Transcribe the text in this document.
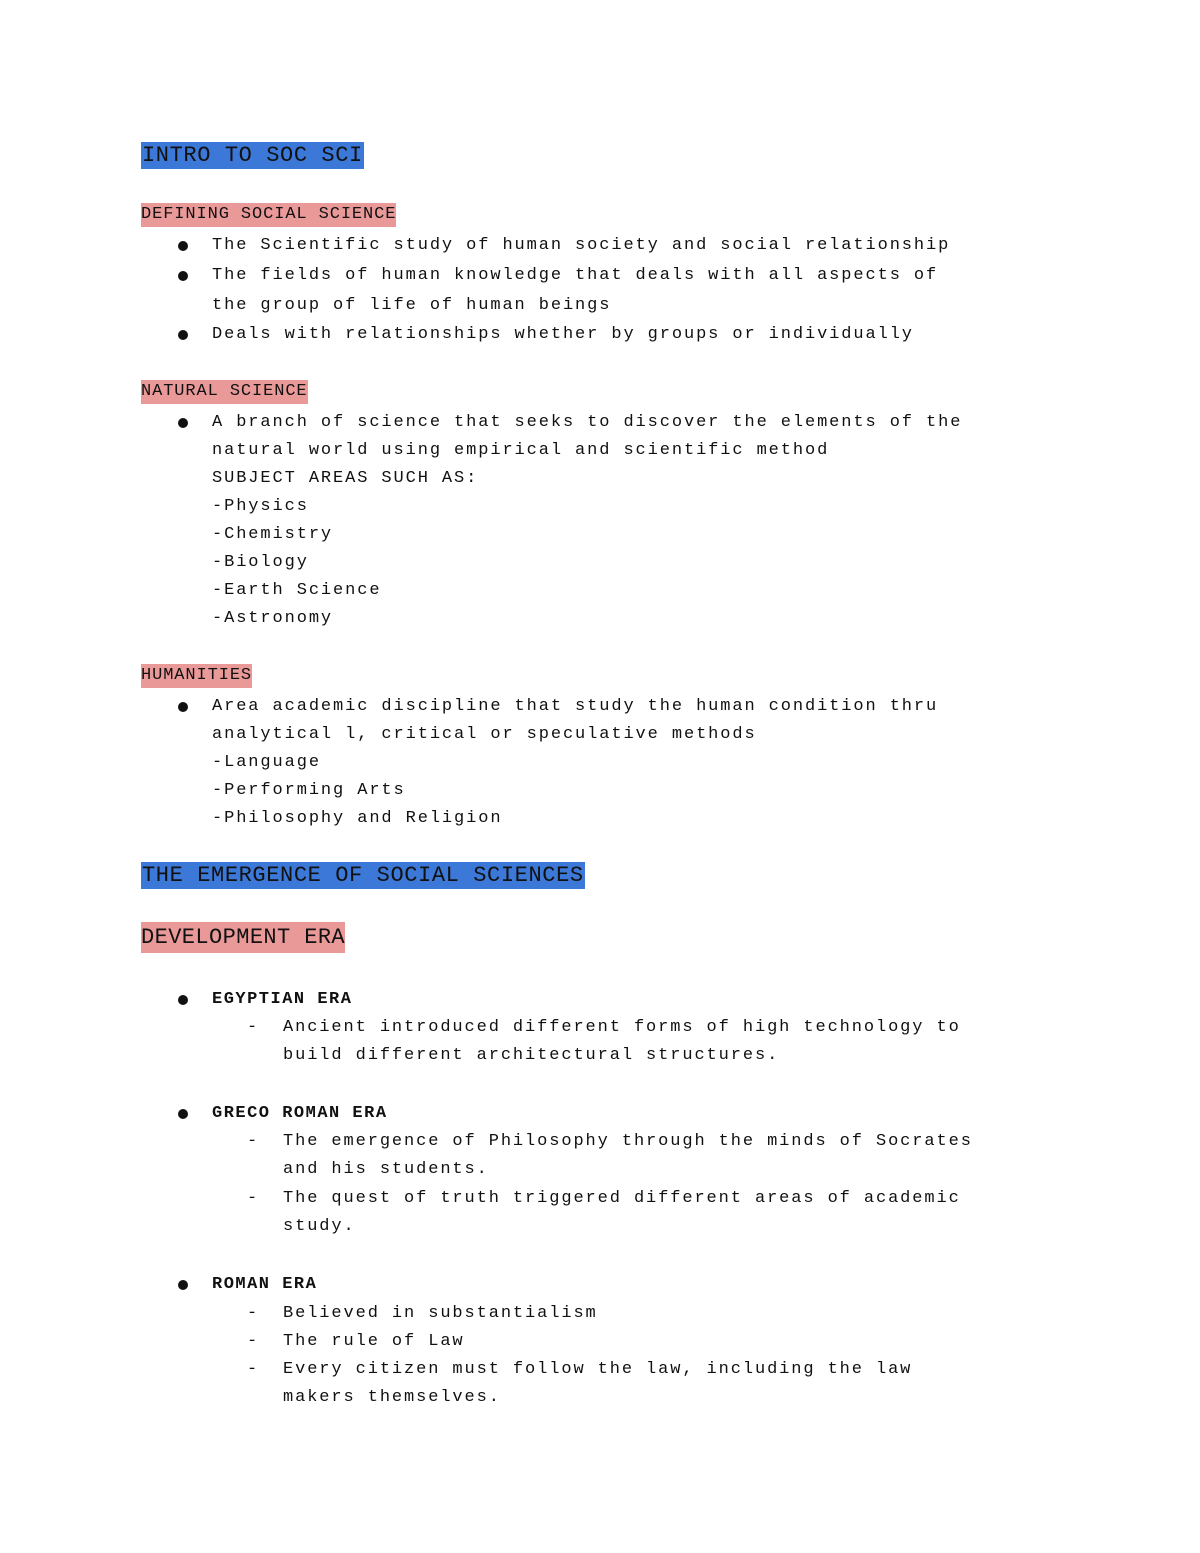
INTRO TO SOC SCI
DEFINING SOCIAL SCIENCE
The Scientific study of human society and social relationship
The fields of human knowledge that deals with all aspects of
the group of life of human beings
Deals with relationships whether by groups or individually
NATURAL SCIENCE
A branch of science that seeks to discover the elements of the
natural world using empirical and scientific method
SUBJECT AREAS SUCH AS:
-Physics
-Chemistry
-Biology
-Earth Science
-Astronomy
HUMANITIES
Area academic discipline that study the human condition thru
analytical l, critical or speculative methods
-Language
-Performing Arts
-Philosophy and Religion
THE EMERGENCE OF SOCIAL SCIENCES
DEVELOPMENT ERA
EGYPTIAN ERA
- Ancient introduced different forms of high technology to
build different architectural structures.
GRECO ROMAN ERA
- The emergence of Philosophy through the minds of Socrates
and his students.
- The quest of truth triggered different areas of academic
study.
ROMAN ERA
- Believed in substantialism
- The rule of Law
- Every citizen must follow the law, including the law
makers themselves.
